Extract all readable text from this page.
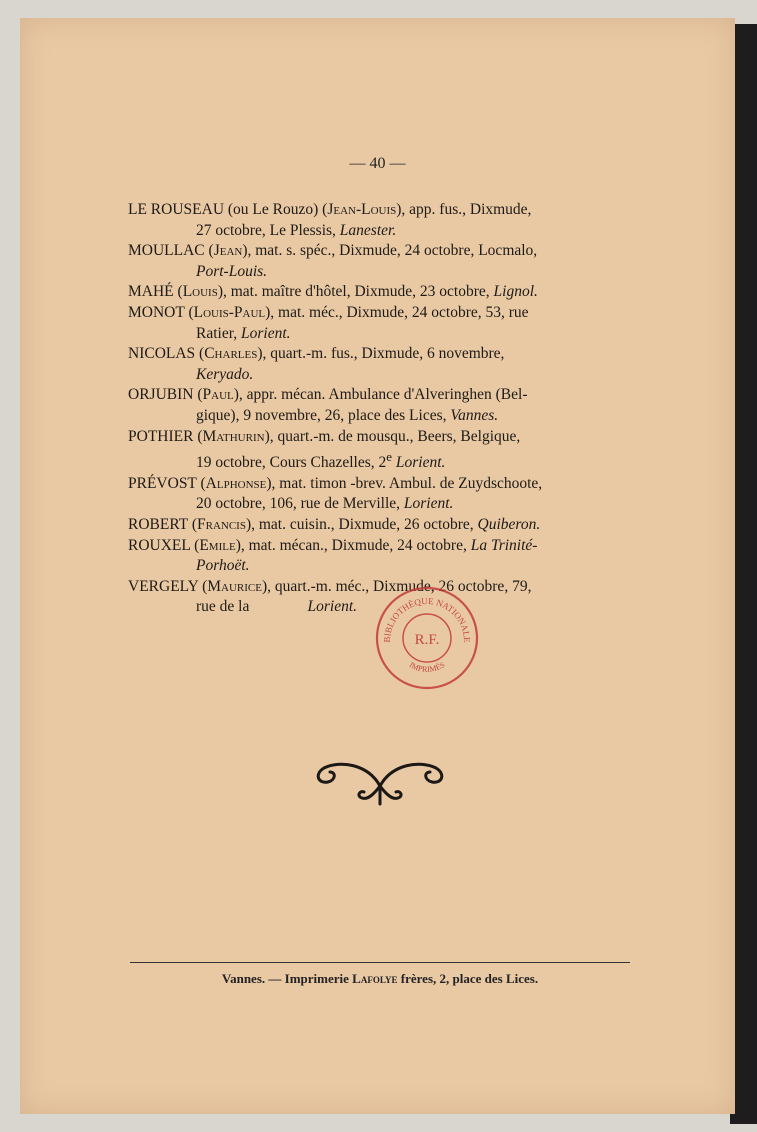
— 40 —

LE ROUSEAU (ou Le Rouzo) (Jean-Louis), app. fus., Dixmude,

27 octobre, Le Plessis, Lanester.

MOULLAC (Jean), mat. s. spéc., Dixmude, 24 octobre, Locmalo,

Port-Louis.

MAHÉ (Louis), mat. maître d'hôtel, Dixmude, 23 octobre, Lignol.

MONOT (Louis-Paul), mat. méc., Dixmude, 24 octobre, 53, rue

Ratier, Lorient.

NICOLAS (Charles), quart.-m. fus., Dixmude, 6 novembre,

Keryado.

ORJUBIN (Paul), appr. mécan. Ambulance d'Alveringhen (Bel-

gique), 9 novembre, 26, place des Lices, Vannes.

POTHIER (Mathurin), quart.-m. de mousqu., Beers, Belgique,

19 octobre, Cours Chazelles, 2e Lorient.

PRÉVOST (Alphonse), mat. timon -brev. Ambul. de Zuydschoote,

20 octobre, 106, rue de Merville, Lorient.

ROBERT (Francis), mat. cuisin., Dixmude, 26 octobre, Quiberon.

ROUXEL (Emile), mat. mécan., Dixmude, 24 octobre, La Trinité-

Porhoët.

VERGELY (Maurice), quart.-m. méc., Dixmude, 26 octobre, 79,

rue de la	Lorient.

BIBLIOTHÈQUE NATIONALE
R.F.
IMPRIMÉS
Vannes. — Imprimerie Lafolye frères, 2, place des Lices.
